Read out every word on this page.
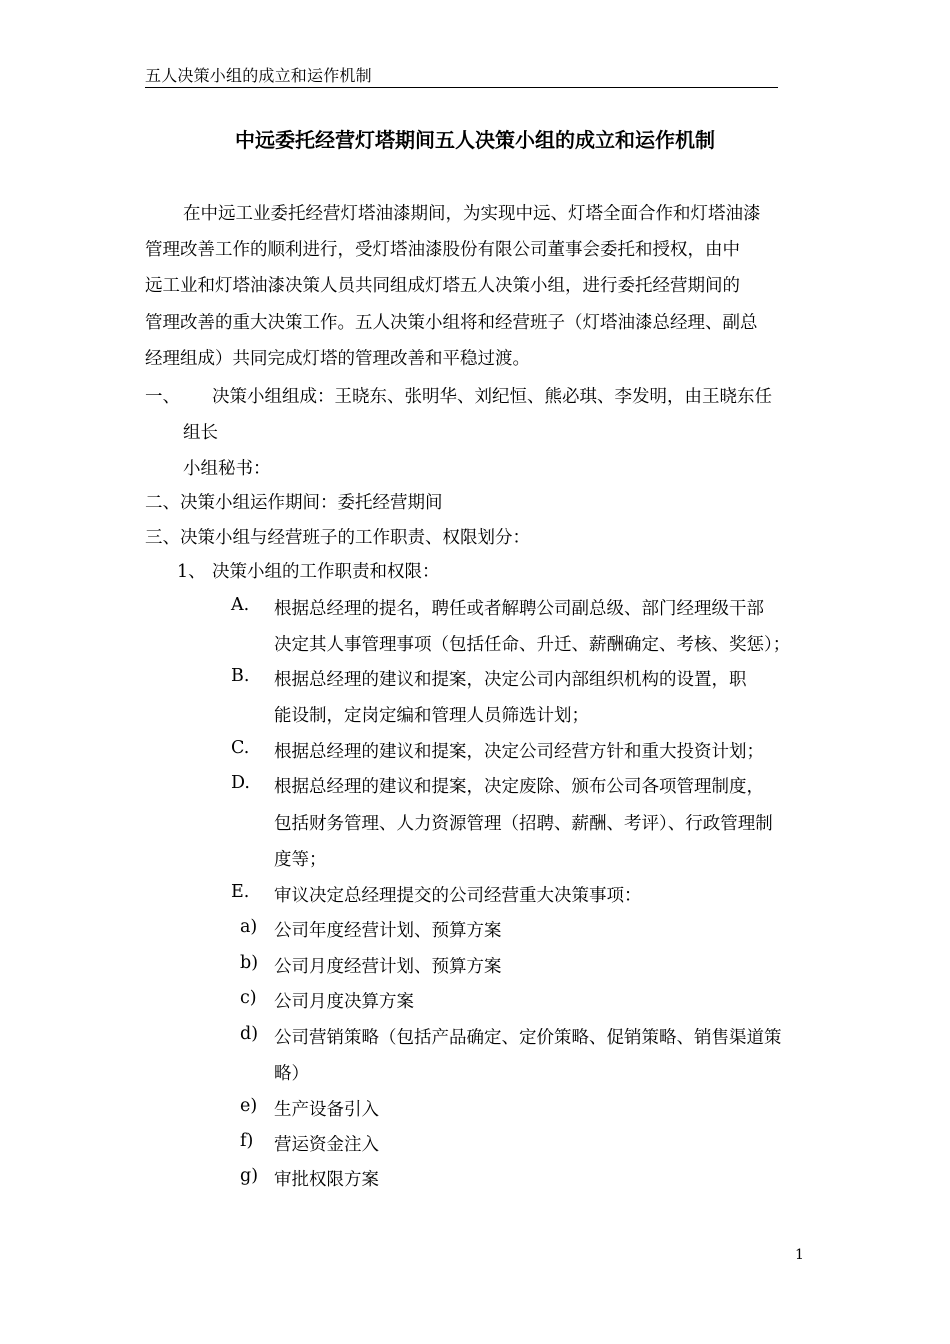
五人决策小组的成立和运作机制
中远委托经营灯塔期间五人决策小组的成立和运作机制
在中远工业委托经营灯塔油漆期间，为实现中远、灯塔全面合作和灯塔油漆
管理改善工作的顺利进行，受灯塔油漆股份有限公司董事会委托和授权，由中
远工业和灯塔油漆决策人员共同组成灯塔五人决策小组，进行委托经营期间的
管理改善的重大决策工作。五人决策小组将和经营班子（灯塔油漆总经理、副总
经理组成）共同完成灯塔的管理改善和平稳过渡。
一、 决策小组组成：王晓东、张明华、刘纪恒、熊必琪、李发明，由王晓东任
组长
小组秘书：
二、决策小组运作期间：委托经营期间
三、决策小组与经营班子的工作职责、权限划分：
1、 决策小组的工作职责和权限：
A. 根据总经理的提名，聘任或者解聘公司副总级、部门经理级干部
决定其人事管理事项（包括任命、升迁、薪酬确定、考核、奖惩）；
B. 根据总经理的建议和提案，决定公司内部组织机构的设置，职
能设制，定岗定编和管理人员筛选计划；
C. 根据总经理的建议和提案，决定公司经营方针和重大投资计划；
D. 根据总经理的建议和提案，决定废除、颁布公司各项管理制度，
包括财务管理、人力资源管理（招聘、薪酬、考评）、行政管理制
度等；
E. 审议决定总经理提交的公司经营重大决策事项：
a) 公司年度经营计划、预算方案
b) 公司月度经营计划、预算方案
c) 公司月度决算方案
d) 公司营销策略（包括产品确定、定价策略、促销策略、销售渠道策
略）
e) 生产设备引入
f) 营运资金注入
g) 审批权限方案
1
